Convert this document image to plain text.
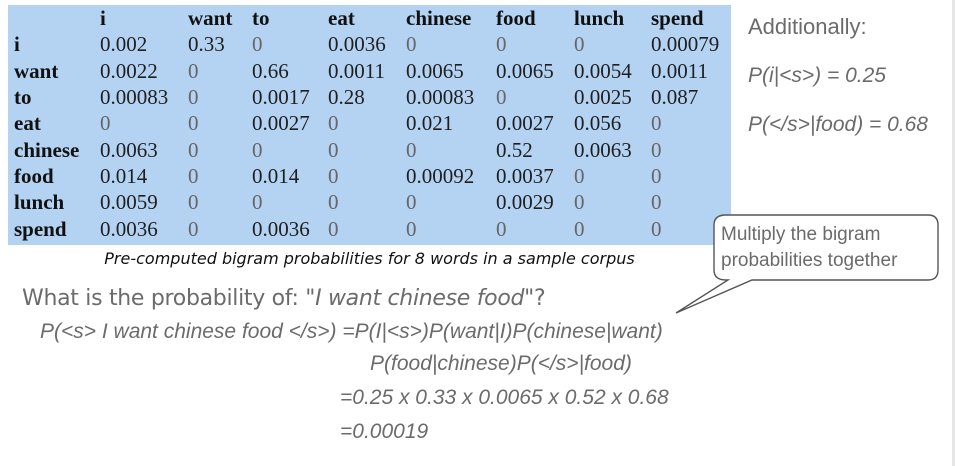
	i	want	to	eat	chinese	food	lunch	spend
i	0.002	0.33	0	0.0036	0	0	0	0.00079
want	0.0022	0	0.66	0.0011	0.0065	0.0065	0.0054	0.0011
to	0.00083	0	0.0017	0.28	0.00083	0	0.0025	0.087
eat	0	0	0.0027	0	0.021	0.0027	0.056	0
chinese	0.0063	0	0	0	0	0.52	0.0063	0
food	0.014	0	0.014	0	0.00092	0.0037	0	0
lunch	0.0059	0	0	0	0	0.0029	0	0
spend	0.0036	0	0.0036	0	0	0	0	0
Pre-computed bigram probabilities for 8 words in a sample corpus
Additionally:
P(i|<s>) = 0.25
P(</s>|food) = 0.68
Multiply the bigram
probabilities together
What is the probability of: "I want chinese food"?
P(<s> I want chinese food </s>) =P(I|<s>)P(want|I)P(chinese|want)
P(food|chinese)P(</s>|food)
=0.25 x 0.33 x 0.0065 x 0.52 x 0.68
=0.00019
